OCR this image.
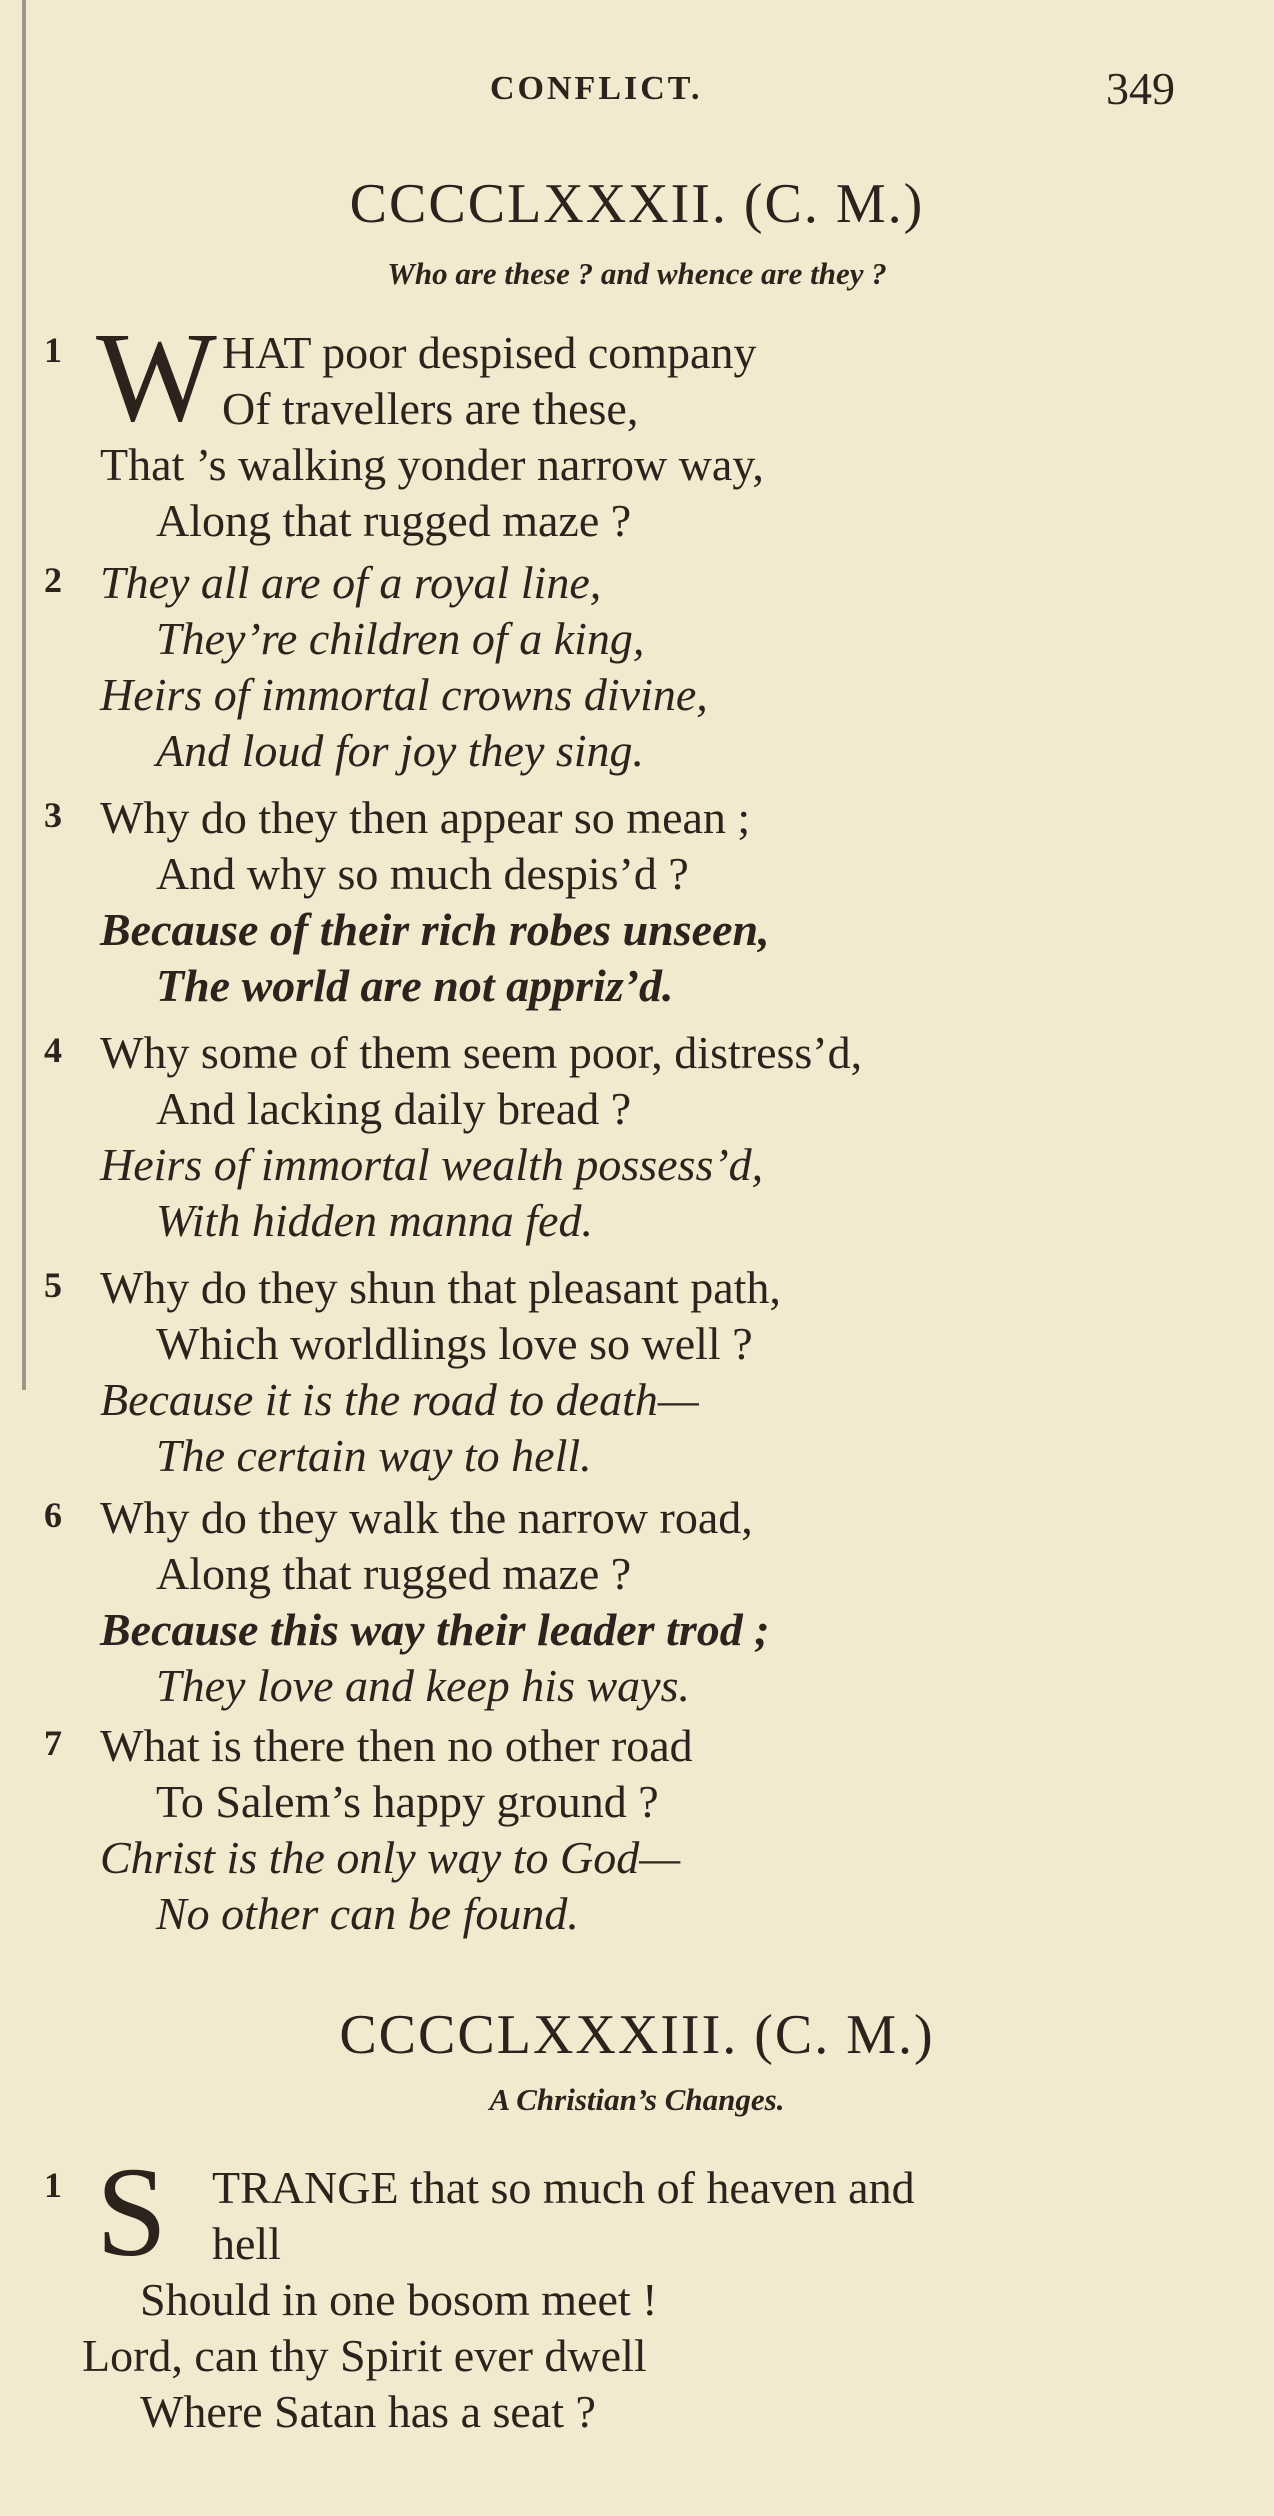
CONFLICT.	349
CCCCLXXXII. (C. M.)
Who are these ? and whence are they ?
1 W HAT poor despised company
Of travellers are these,
That ’s walking yonder narrow way,
Along that rugged maze ?
2 They all are of a royal line,
They’re children of a king,
Heirs of immortal crowns divine,
And loud for joy they sing.
3 Why do they then appear so mean ;
And why so much despis’d ?
Because of their rich robes unseen,
The world are not appriz’d.
4 Why some of them seem poor, distress’d,
And lacking daily bread ?
Heirs of immortal wealth possess’d,
With hidden manna fed.
5 Why do they shun that pleasant path,
Which worldlings love so well ?
Because it is the road to death—
The certain way to hell.
6 Why do they walk the narrow road,
Along that rugged maze ?
Because this way their leader trod ;
They love and keep his ways.
7 What is there then no other road
To Salem’s happy ground ?
Christ is the only way to God—
No other can be found.
CCCCLXXXIII. (C. M.)
A Christian’s Changes.
1 S TRANGE that so much of heaven and
hell
Should in one bosom meet !
Lord, can thy Spirit ever dwell
Where Satan has a seat ?
